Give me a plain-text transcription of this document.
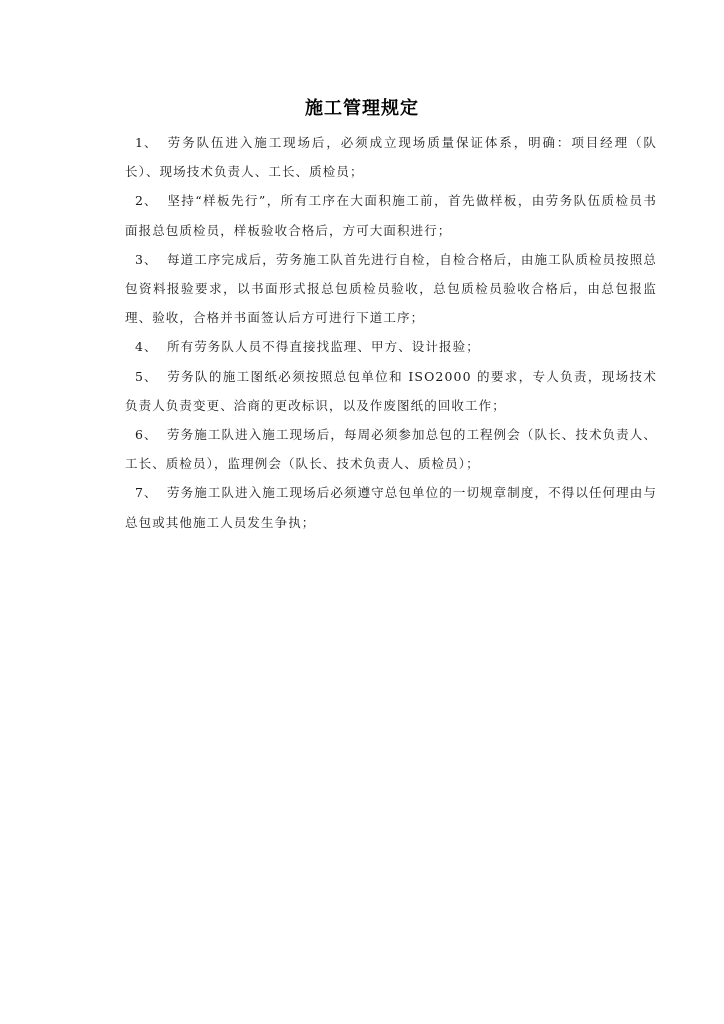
施工管理规定
1、 劳务队伍进入施工现场后，必须成立现场质量保证体系，明确：项目经理（队长）、现场技术负责人、工长、质检员；
2、 坚持“样板先行”，所有工序在大面积施工前，首先做样板，由劳务队伍质检员书面报总包质检员，样板验收合格后，方可大面积进行；
3、 每道工序完成后，劳务施工队首先进行自检，自检合格后，由施工队质检员按照总包资料报验要求，以书面形式报总包质检员验收，总包质检员验收合格后，由总包报监理、验收，合格并书面签认后方可进行下道工序；
4、 所有劳务队人员不得直接找监理、甲方、设计报验；
5、 劳务队的施工图纸必须按照总包单位和 ISO2000 的要求，专人负责，现场技术负责人负责变更、洽商的更改标识，以及作废图纸的回收工作；
6、 劳务施工队进入施工现场后，每周必须参加总包的工程例会（队长、技术负责人、工长、质检员），监理例会（队长、技术负责人、质检员）；
7、 劳务施工队进入施工现场后必须遵守总包单位的一切规章制度，不得以任何理由与总包或其他施工人员发生争执；
